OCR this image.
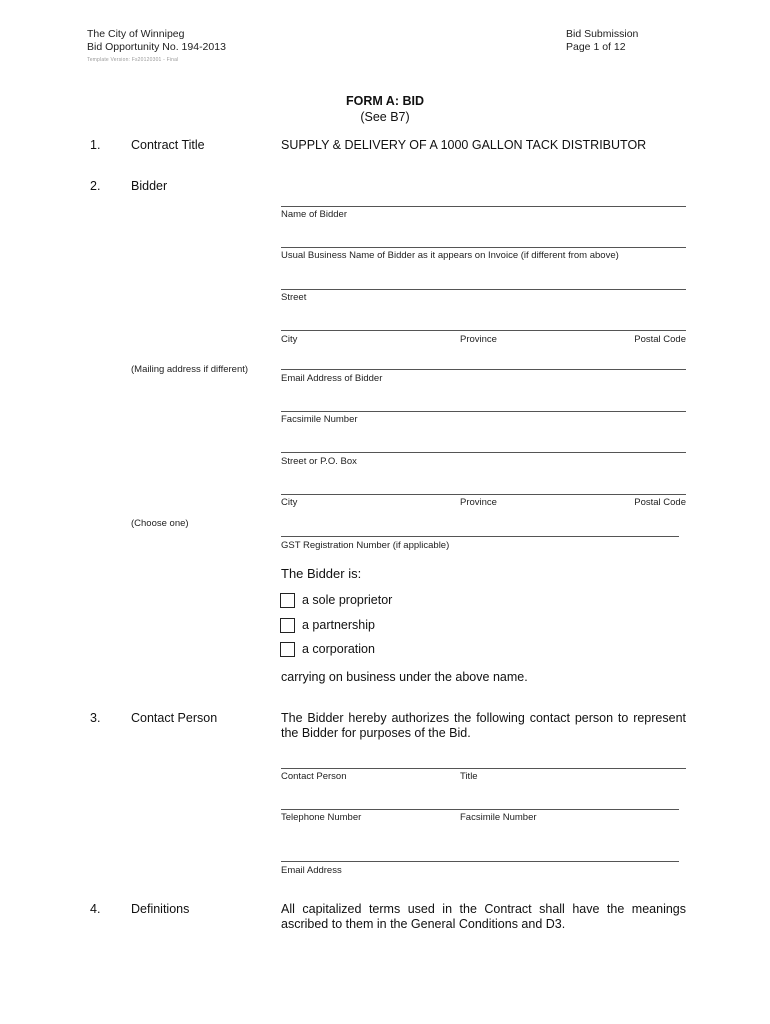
The City of Winnipeg
Bid Opportunity No. 194-2013
Bid Submission
Page 1 of 12
Template Version: Fs20120301 - Final
FORM A: BID
(See B7)
1. Contract Title	SUPPLY & DELIVERY OF A 1000 GALLON TACK DISTRIBUTOR
2. Bidder
Name of Bidder
Usual Business Name of Bidder as it appears on Invoice (if different from above)
Street
City	Province	Postal Code
(Mailing address if different)
Email Address of Bidder
Facsimile Number
Street or P.O. Box
City	Province	Postal Code
(Choose one)
GST Registration Number (if applicable)
The Bidder is:
a sole proprietor
a partnership
a corporation
carrying on business under the above name.
3. Contact Person	The Bidder hereby authorizes the following contact person to represent
the Bidder for purposes of the Bid.
Contact Person	Title
Telephone Number	Facsimile Number
Email Address
4. Definitions	All capitalized terms used in the Contract shall have the meanings
ascribed to them in the General Conditions and D3.
